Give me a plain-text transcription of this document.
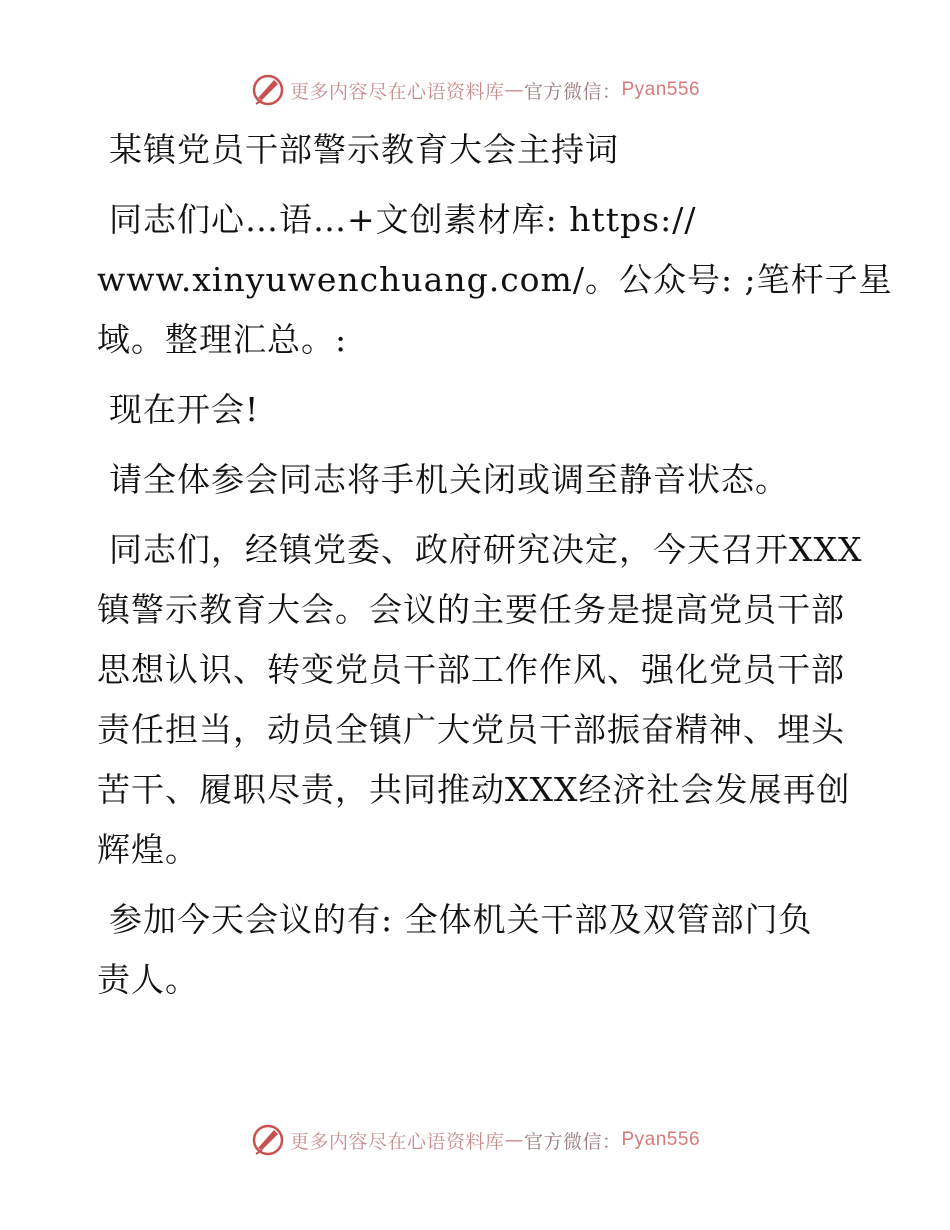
更多内容尽在心语资料库 — 官方微信： Pyan556
某镇党员干部警示教育大会主持词
同志们心…语…+文创素材库: https://
www.xinyuwenchuang.com/。公众号: ;笔杆子星
域。整理汇总。:
现在开会!
请全体参会同志将手机关闭或调至静音状态。
同志们，经镇党委、政府研究决定，今天召开XXX
镇警示教育大会。会议的主要任务是提高党员干部
思想认识、转变党员干部工作作风、强化党员干部
责任担当，动员全镇广大党员干部振奋精神、埋头
苦干、履职尽责，共同推动XXX经济社会发展再创
辉煌。
参加今天会议的有: 全体机关干部及双管部门负
责人。
更多内容尽在心语资料库 — 官方微信： Pyan556
